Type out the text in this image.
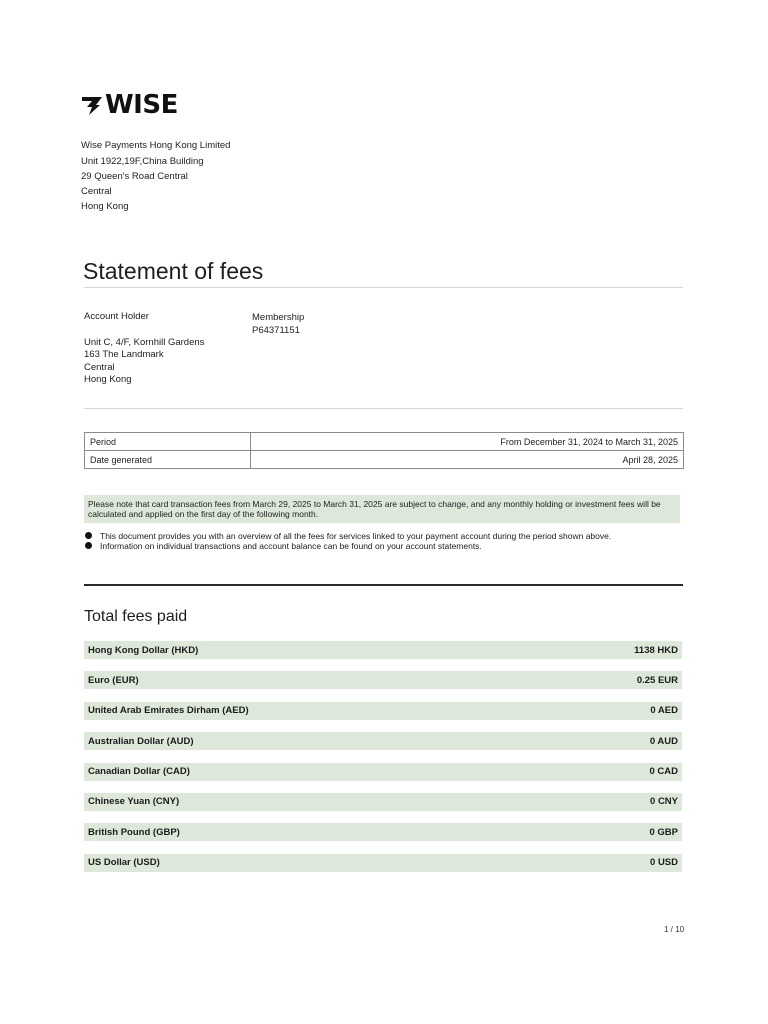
WISE
Wise Payments Hong Kong Limited
Unit 1922,19F,China Building
29 Queen's Road Central
Central
Hong Kong
Statement of fees
Account Holder
Unit C, 4/F, Kornhill Gardens
163 The Landmark
Central
Hong Kong
Membership
P64371151
Period	From December 31, 2024 to March 31, 2025
Date generated	April 28, 2025
Please note that card transaction fees from March 29, 2025 to March 31, 2025 are subject to change, and any monthly holding or investment fees will be calculated and applied on the first day of the following month.
This document provides you with an overview of all the fees for services linked to your payment account during the period shown above.
Information on individual transactions and account balance can be found on your account statements.
Total fees paid
Hong Kong Dollar (HKD)	1138 HKD
Euro (EUR)	0.25 EUR
United Arab Emirates Dirham (AED)	0 AED
Australian Dollar (AUD)	0 AUD
Canadian Dollar (CAD)	0 CAD
Chinese Yuan (CNY)	0 CNY
British Pound (GBP)	0 GBP
US Dollar (USD)	0 USD
1 / 10
